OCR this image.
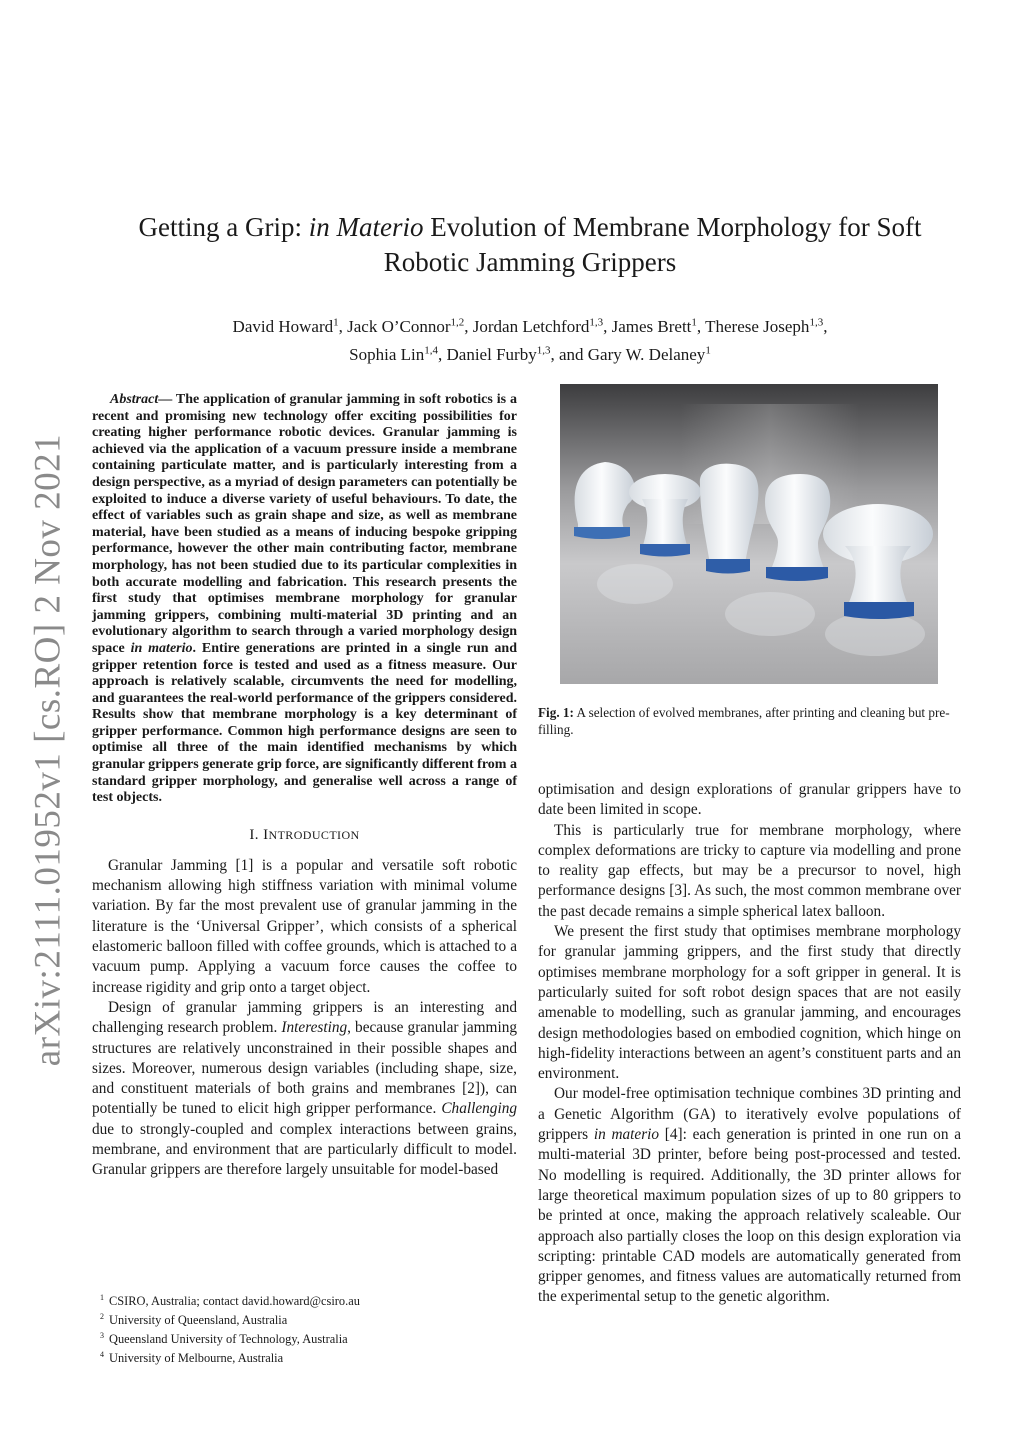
arXiv:2111.01952v1 [cs.RO] 2 Nov 2021
Getting a Grip: in Materio Evolution of Membrane Morphology for Soft Robotic Jamming Grippers
David Howard$^1$, Jack O’Connor$^{1,2}$, Jordan Letchford$^{1,3}$, James Brett$^1$, Therese Joseph$^{1,3}$,
Sophia Lin$^{1,4}$, Daniel Furby$^{1,3}$, and Gary W. Delaney$^1$

Abstract— The application of granular jamming in soft robotics is a recent and promising new technology offer exciting possibilities for creating higher performance robotic devices. Granular jamming is achieved via the application of a vacuum pressure inside a membrane containing particulate matter, and is particularly interesting from a design perspective, as a myriad of design parameters can potentially be exploited to induce a diverse variety of useful behaviours. To date, the effect of variables such as grain shape and size, as well as membrane material, have been studied as a means of inducing bespoke gripping performance, however the other main contributing factor, membrane morphology, has not been studied due to its particular complexities in both accurate modelling and fabrication. This research presents the first study that optimises membrane morphology for granular jamming grippers, combining multi-material 3D printing and an evolutionary algorithm to search through a varied morphology design space in materio. Entire generations are printed in a single run and gripper retention force is tested and used as a fitness measure. Our approach is relatively scalable, circumvents the need for modelling, and guarantees the real-world performance of the grippers considered. Results show that membrane morphology is a key determinant of gripper performance. Common high performance designs are seen to optimise all three of the main identified mechanisms by which granular grippers generate grip force, are significantly different from a standard gripper morphology, and generalise well across a range of test objects.

I. INTRODUCTION

Granular Jamming [1] is a popular and versatile soft robotic mechanism allowing high stiffness variation with minimal volume variation. By far the most prevalent use of granular jamming in the literature is the ‘Universal Gripper’, which consists of a spherical elastomeric balloon filled with coffee grounds, which is attached to a vacuum pump. Applying a vacuum force causes the coffee to increase rigidity and grip onto a target object.

Design of granular jamming grippers is an interesting and challenging research problem. Interesting, because granular jamming structures are relatively unconstrained in their possible shapes and sizes. Moreover, numerous design variables (including shape, size, and constituent materials of both grains and membranes [2]), can potentially be tuned to elicit high gripper performance. Challenging due to strongly-coupled and complex interactions between grains, membrane, and environment that are particularly difficult to model. Granular grippers are therefore largely unsuitable for model-based

$^1$ CSIRO, Australia; contact david.howard@csiro.au
$^2$ University of Queensland, Australia
$^3$ Queensland University of Technology, Australia
$^4$ University of Melbourne, Australia
Fig. 1: A selection of evolved membranes, after printing and cleaning but pre-filling.

optimisation and design explorations of granular grippers have to date been limited in scope.

This is particularly true for membrane morphology, where complex deformations are tricky to capture via modelling and prone to reality gap effects, but may be a precursor to novel, high performance designs [3]. As such, the most common membrane over the past decade remains a simple spherical latex balloon.

We present the first study that optimises membrane morphology for granular jamming grippers, and the first study that directly optimises membrane morphology for a soft gripper in general. It is particularly suited for soft robot design spaces that are not easily amenable to modelling, such as granular jamming, and encourages design methodologies based on embodied cognition, which hinge on high-fidelity interactions between an agent’s constituent parts and an environment.

Our model-free optimisation technique combines 3D printing and a Genetic Algorithm (GA) to iteratively evolve populations of grippers in materio [4]: each generation is printed in one run on a multi-material 3D printer, before being post-processed and tested. No modelling is required. Additionally, the 3D printer allows for large theoretical maximum population sizes of up to 80 grippers to be printed at once, making the approach relatively scaleable. Our approach also partially closes the loop on this design exploration via scripting: printable CAD models are automatically generated from gripper genomes, and fitness values are automatically returned from the experimental setup to the genetic algorithm.
